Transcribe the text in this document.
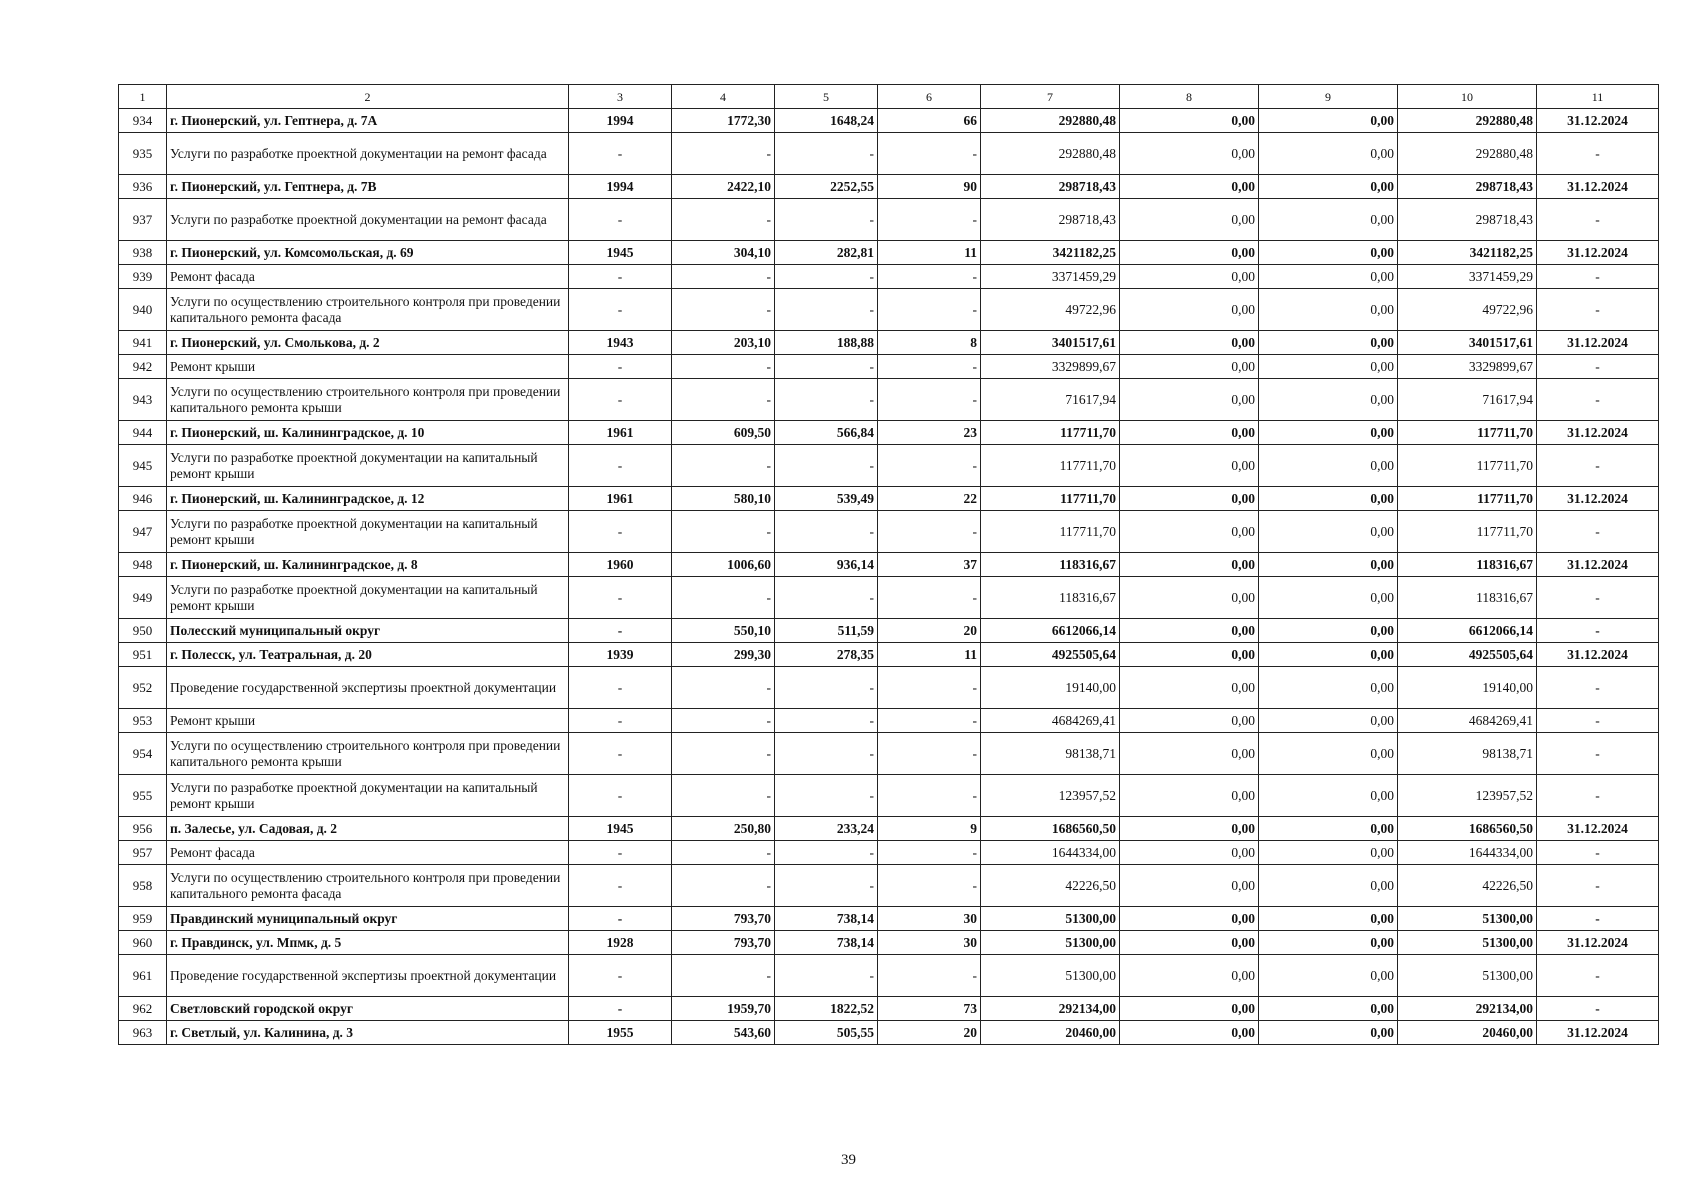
1	2	3	4	5	6	7	8	9	10	11
934	г. Пионерский, ул. Гептнера, д. 7А	1994	1772,30	1648,24	66	292880,48	0,00	0,00	292880,48	31.12.2024
935	Услуги по разработке проектной документации на ремонт фасада	-	-	-	-	292880,48	0,00	0,00	292880,48	-
936	г. Пионерский, ул. Гептнера, д. 7В	1994	2422,10	2252,55	90	298718,43	0,00	0,00	298718,43	31.12.2024
937	Услуги по разработке проектной документации на ремонт фасада	-	-	-	-	298718,43	0,00	0,00	298718,43	-
938	г. Пионерский, ул. Комсомольская, д. 69	1945	304,10	282,81	11	3421182,25	0,00	0,00	3421182,25	31.12.2024
939	Ремонт фасада	-	-	-	-	3371459,29	0,00	0,00	3371459,29	-
940	Услуги по осуществлению строительного контроля при проведении капитального ремонта фасада	-	-	-	-	49722,96	0,00	0,00	49722,96	-
941	г. Пионерский, ул. Смолькова, д. 2	1943	203,10	188,88	8	3401517,61	0,00	0,00	3401517,61	31.12.2024
942	Ремонт крыши	-	-	-	-	3329899,67	0,00	0,00	3329899,67	-
943	Услуги по осуществлению строительного контроля при проведении капитального ремонта крыши	-	-	-	-	71617,94	0,00	0,00	71617,94	-
944	г. Пионерский, ш. Калининградское, д. 10	1961	609,50	566,84	23	117711,70	0,00	0,00	117711,70	31.12.2024
945	Услуги по разработке проектной документации на капитальный ремонт крыши	-	-	-	-	117711,70	0,00	0,00	117711,70	-
946	г. Пионерский, ш. Калининградское, д. 12	1961	580,10	539,49	22	117711,70	0,00	0,00	117711,70	31.12.2024
947	Услуги по разработке проектной документации на капитальный ремонт крыши	-	-	-	-	117711,70	0,00	0,00	117711,70	-
948	г. Пионерский, ш. Калининградское, д. 8	1960	1006,60	936,14	37	118316,67	0,00	0,00	118316,67	31.12.2024
949	Услуги по разработке проектной документации на капитальный ремонт крыши	-	-	-	-	118316,67	0,00	0,00	118316,67	-
950	Полесский муниципальный округ	-	550,10	511,59	20	6612066,14	0,00	0,00	6612066,14	-
951	г. Полесск, ул. Театральная, д. 20	1939	299,30	278,35	11	4925505,64	0,00	0,00	4925505,64	31.12.2024
952	Проведение государственной экспертизы проектной документации	-	-	-	-	19140,00	0,00	0,00	19140,00	-
953	Ремонт крыши	-	-	-	-	4684269,41	0,00	0,00	4684269,41	-
954	Услуги по осуществлению строительного контроля при проведении капитального ремонта крыши	-	-	-	-	98138,71	0,00	0,00	98138,71	-
955	Услуги по разработке проектной документации на капитальный ремонт крыши	-	-	-	-	123957,52	0,00	0,00	123957,52	-
956	п. Залесье, ул. Садовая, д. 2	1945	250,80	233,24	9	1686560,50	0,00	0,00	1686560,50	31.12.2024
957	Ремонт фасада	-	-	-	-	1644334,00	0,00	0,00	1644334,00	-
958	Услуги по осуществлению строительного контроля при проведении капитального ремонта фасада	-	-	-	-	42226,50	0,00	0,00	42226,50	-
959	Правдинский муниципальный округ	-	793,70	738,14	30	51300,00	0,00	0,00	51300,00	-
960	г. Правдинск, ул. Мпмк, д. 5	1928	793,70	738,14	30	51300,00	0,00	0,00	51300,00	31.12.2024
961	Проведение государственной экспертизы проектной документации	-	-	-	-	51300,00	0,00	0,00	51300,00	-
962	Светловский городской округ	-	1959,70	1822,52	73	292134,00	0,00	0,00	292134,00	-
963	г. Светлый, ул. Калинина, д. 3	1955	543,60	505,55	20	20460,00	0,00	0,00	20460,00	31.12.2024
39
